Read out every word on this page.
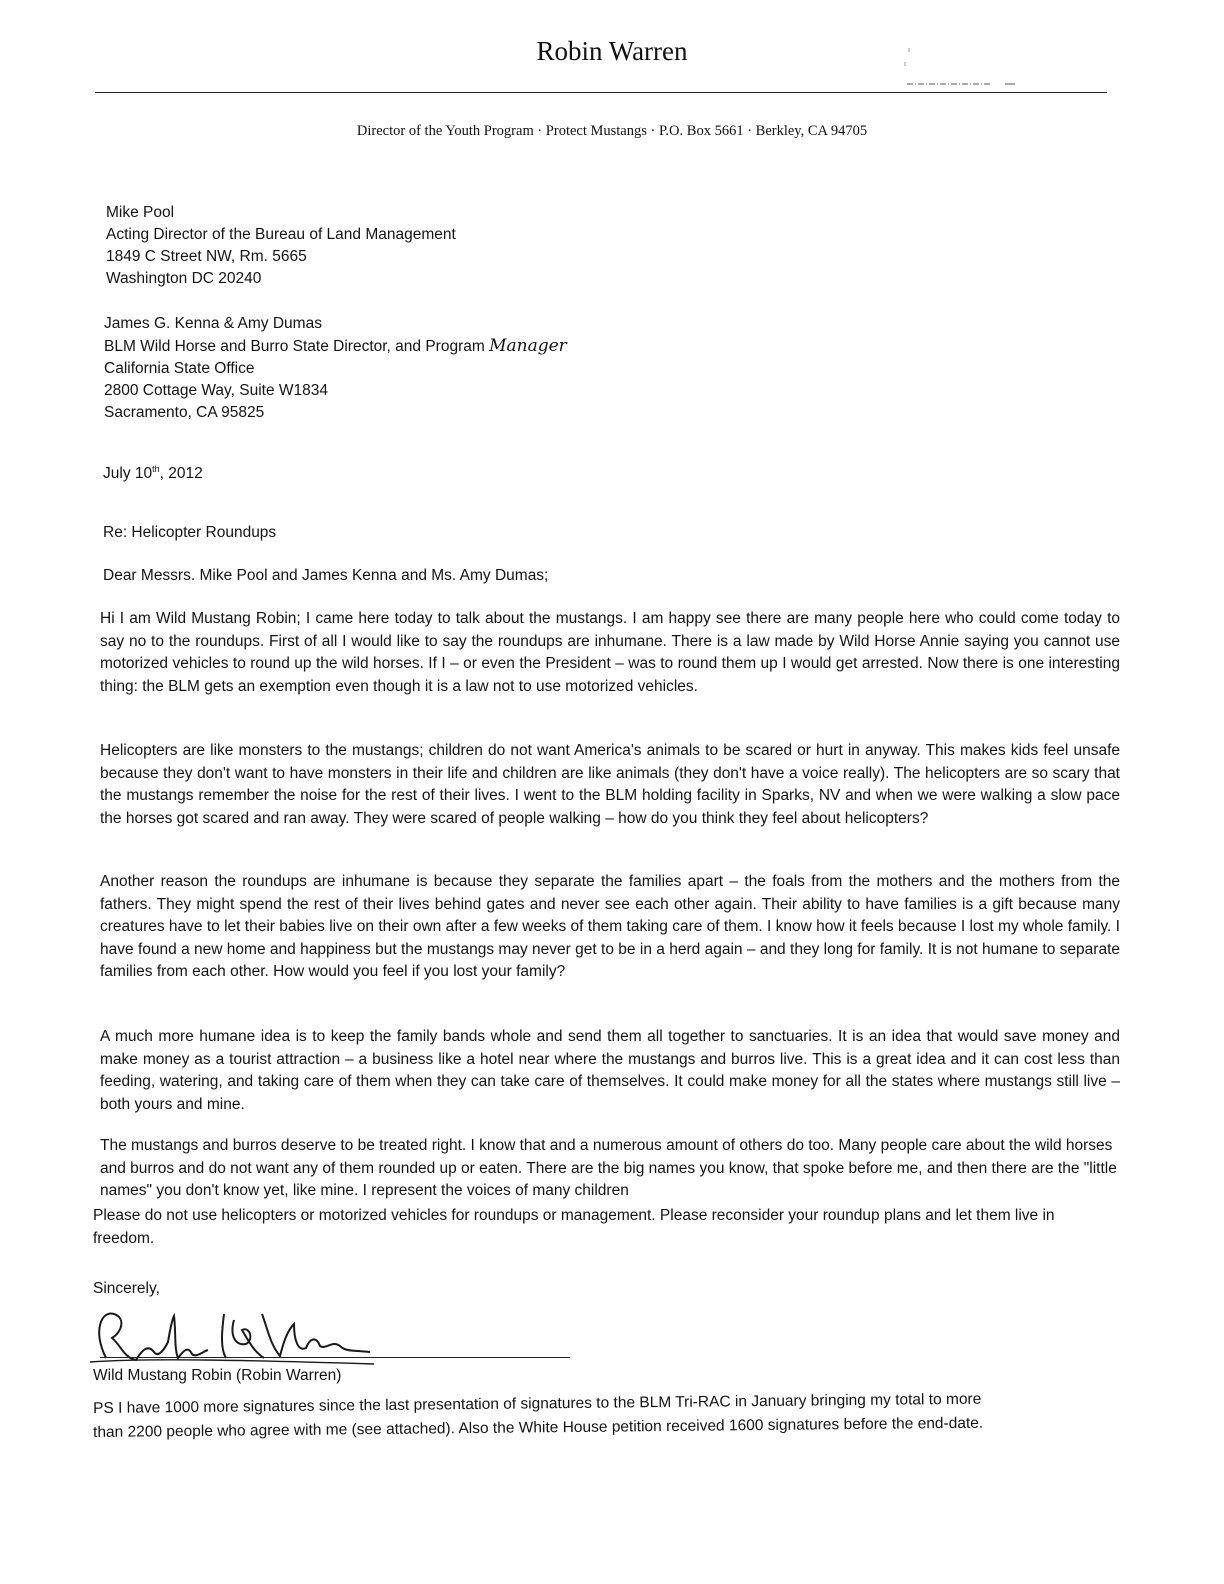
Robin Warren
Director of the Youth Program · Protect Mustangs · P.O. Box 5661 · Berkley, CA 94705
Mike Pool
Acting Director of the Bureau of Land Management
1849 C Street NW, Rm. 5665
Washington DC 20240
James G. Kenna & Amy Dumas
BLM Wild Horse and Burro State Director, and Program Manager
California State Office
2800 Cottage Way, Suite W1834
Sacramento, CA 95825
July 10th, 2012
Re: Helicopter Roundups
Dear Messrs. Mike Pool and James Kenna and Ms. Amy Dumas;
Hi I am Wild Mustang Robin; I came here today to talk about the mustangs. I am happy see there are many people here who could come today to say no to the roundups. First of all I would like to say the roundups are inhumane. There is a law made by Wild Horse Annie saying you cannot use motorized vehicles to round up the wild horses. If I – or even the President – was to round them up I would get arrested. Now there is one interesting thing: the BLM gets an exemption even though it is a law not to use motorized vehicles.
Helicopters are like monsters to the mustangs; children do not want America's animals to be scared or hurt in anyway. This makes kids feel unsafe because they don't want to have monsters in their life and children are like animals (they don't have a voice really). The helicopters are so scary that the mustangs remember the noise for the rest of their lives. I went to the BLM holding facility in Sparks, NV and when we were walking a slow pace the horses got scared and ran away. They were scared of people walking – how do you think they feel about helicopters?
Another reason the roundups are inhumane is because they separate the families apart – the foals from the mothers and the mothers from the fathers. They might spend the rest of their lives behind gates and never see each other again. Their ability to have families is a gift because many creatures have to let their babies live on their own after a few weeks of them taking care of them. I know how it feels because I lost my whole family. I have found a new home and happiness but the mustangs may never get to be in a herd again – and they long for family. It is not humane to separate families from each other. How would you feel if you lost your family?
A much more humane idea is to keep the family bands whole and send them all together to sanctuaries. It is an idea that would save money and make money as a tourist attraction – a business like a hotel near where the mustangs and burros live. This is a great idea and it can cost less than feeding, watering, and taking care of them when they can take care of themselves. It could make money for all the states where mustangs still live – both yours and mine.
The mustangs and burros deserve to be treated right. I know that and a numerous amount of others do too. Many people care about the wild horses and burros and do not want any of them rounded up or eaten. There are the big names you know, that spoke before me, and then there are the "little names" you don't know yet, like mine. I represent the voices of many children
Please do not use helicopters or motorized vehicles for roundups or management. Please reconsider your roundup plans and let them live in freedom.
Sincerely,
Wild Mustang Robin (Robin Warren)
PS I have 1000 more signatures since the last presentation of signatures to the BLM Tri-RAC in January bringing my total to more
than 2200 people who agree with me (see attached). Also the White House petition received 1600 signatures before the end-date.
